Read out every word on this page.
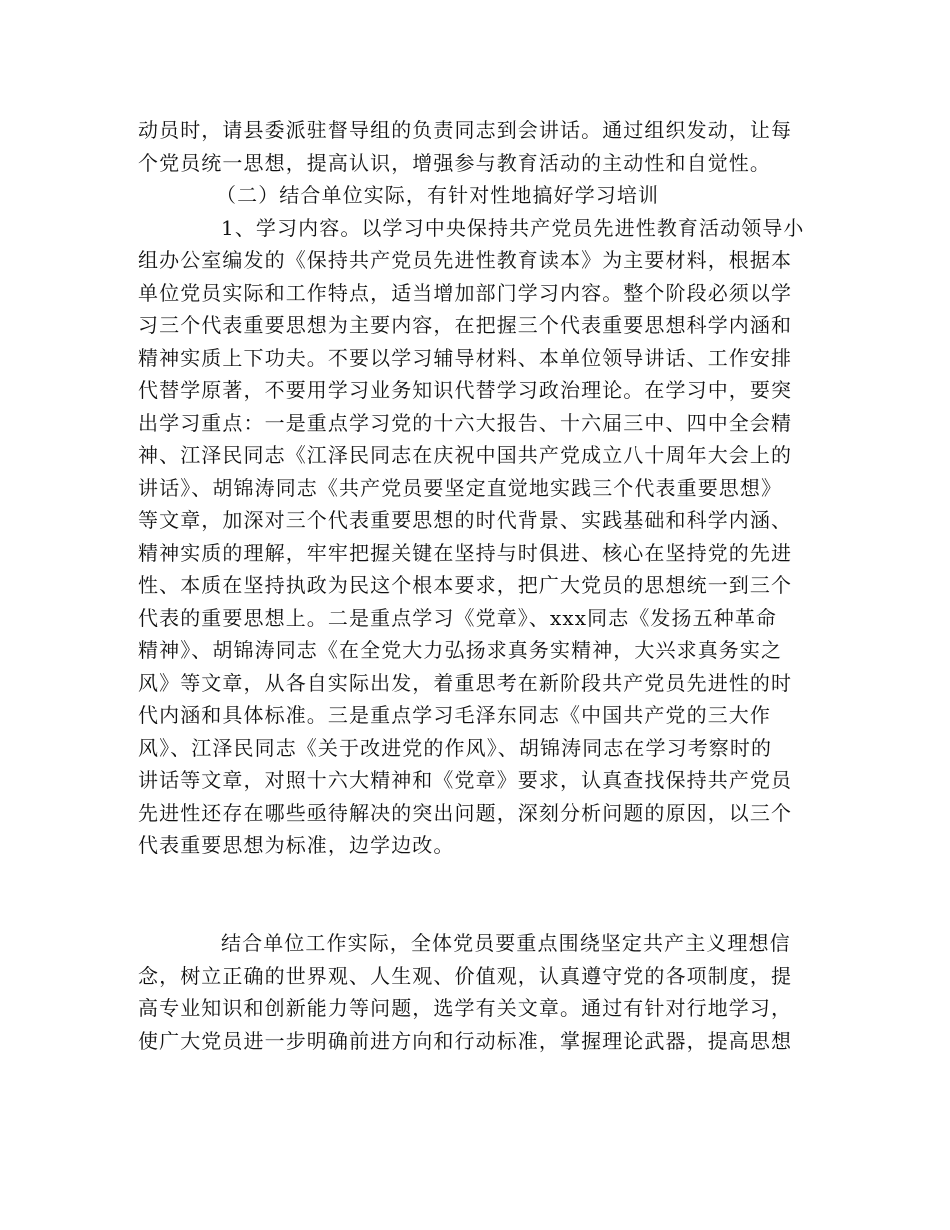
动员时，请县委派驻督导组的负责同志到会讲话。通过组织发动，让每
个党员统一思想，提高认识，增强参与教育活动的主动性和自觉性。
（二）结合单位实际，有针对性地搞好学习培训
1、学习内容。以学习中央保持共产党员先进性教育活动领导小
组办公室编发的《保持共产党员先进性教育读本》为主要材料，根据本
单位党员实际和工作特点，适当增加部门学习内容。整个阶段必须以学
习三个代表重要思想为主要内容，在把握三个代表重要思想科学内涵和
精神实质上下功夫。不要以学习辅导材料、本单位领导讲话、工作安排
代替学原著，不要用学习业务知识代替学习政治理论。在学习中，要突
出学习重点：一是重点学习党的十六大报告、十六届三中、四中全会精
神、江泽民同志《江泽民同志在庆祝中国共产党成立八十周年大会上的
讲话》、胡锦涛同志《共产党员要坚定直觉地实践三个代表重要思想》
等文章，加深对三个代表重要思想的时代背景、实践基础和科学内涵、
精神实质的理解，牢牢把握关键在坚持与时俱进、核心在坚持党的先进
性、本质在坚持执政为民这个根本要求，把广大党员的思想统一到三个
代表的重要思想上。二是重点学习《党章》、xxx同志《发扬五种革命
精神》、胡锦涛同志《在全党大力弘扬求真务实精神，大兴求真务实之
风》等文章，从各自实际出发，着重思考在新阶段共产党员先进性的时
代内涵和具体标准。三是重点学习毛泽东同志《中国共产党的三大作
风》、江泽民同志《关于改进党的作风》、胡锦涛同志在学习考察时的
讲话等文章，对照十六大精神和《党章》要求，认真查找保持共产党员
先进性还存在哪些亟待解决的突出问题，深刻分析问题的原因，以三个
代表重要思想为标准，边学边改。
结合单位工作实际，全体党员要重点围绕坚定共产主义理想信
念，树立正确的世界观、人生观、价值观，认真遵守党的各项制度，提
高专业知识和创新能力等问题，选学有关文章。通过有针对行地学习，
使广大党员进一步明确前进方向和行动标准，掌握理论武器，提高思想
